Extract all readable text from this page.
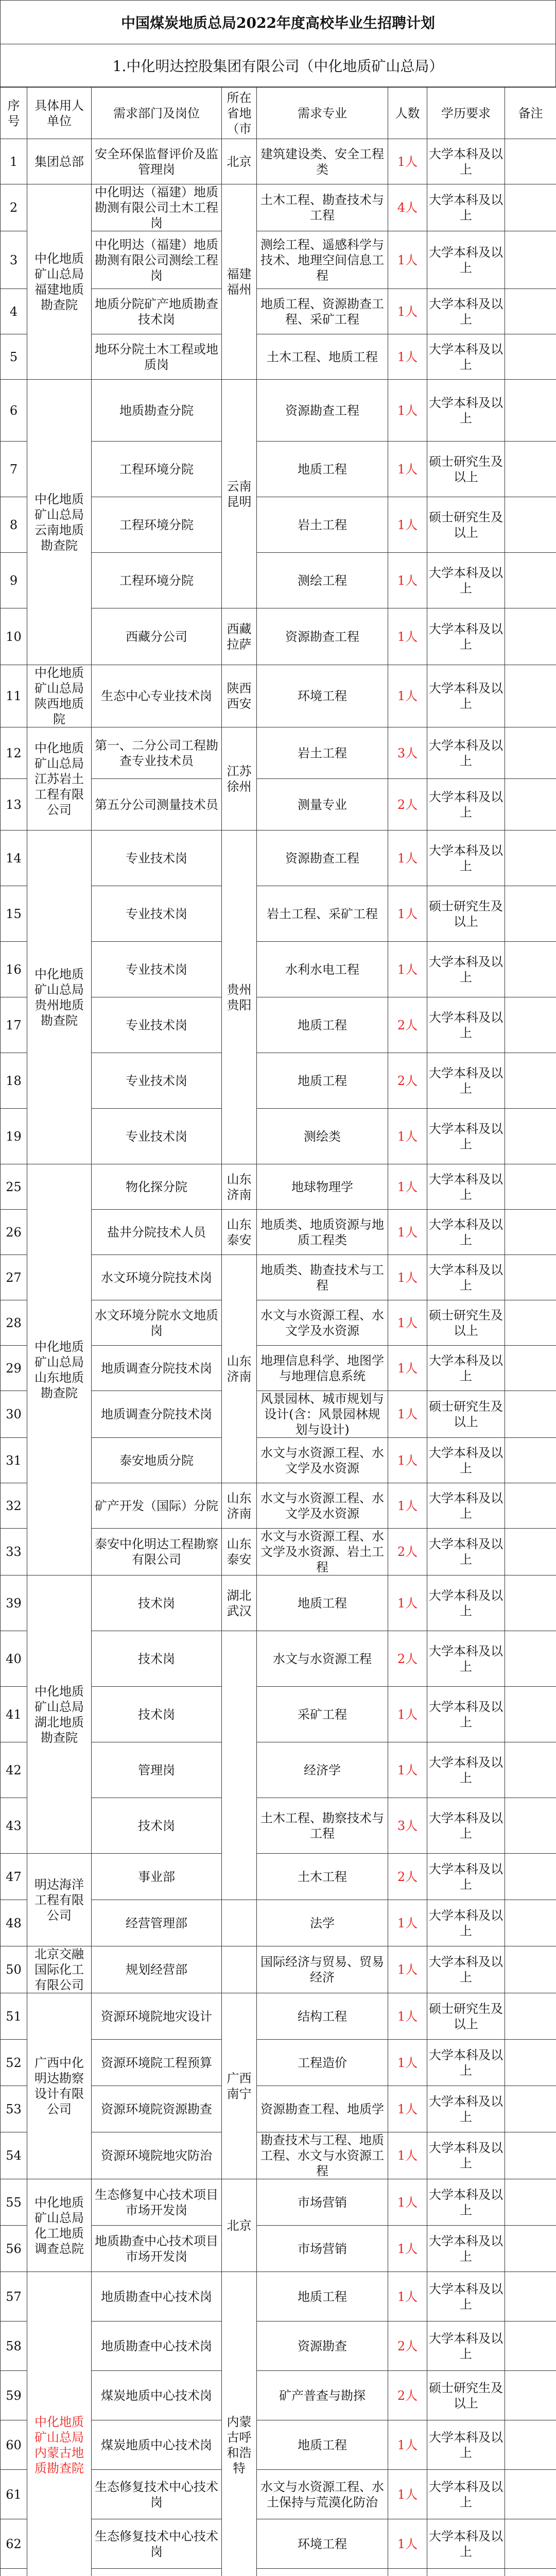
中国煤炭地质总局2022年度高校毕业生招聘计划
1.中化明达控股集团有限公司（中化地质矿山总局）
序号	具体用人单位	需求部门及岗位	所在省地（市	需求专业	人数	学历要求	备注
1	集团总部	安全环保监督评价及监管理岗	北京	建筑建设类、安全工程类	1人	大学本科及以上	
2	中化地质矿山总局福建地质勘查院	中化明达（福建）地质勘测有限公司土木工程岗	福建福州	土木工程、勘查技术与工程	4人	大学本科及以上	
3		中化明达（福建）地质勘测有限公司测绘工程岗		测绘工程、遥感科学与技术、地理空间信息工程	1人	大学本科及以上	
4		地质分院矿产地质勘查技术岗		地质工程、资源勘查工程、采矿工程	1人	大学本科及以上	
5		地环分院土木工程或地质岗		土木工程、地质工程	1人	大学本科及以上	
6	中化地质矿山总局云南地质勘查院	地质勘查分院	云南昆明	资源勘查工程	1人	大学本科及以上	
7		工程环境分院		地质工程	1人	硕士研究生及以上	
8		工程环境分院		岩土工程	1人	硕士研究生及以上	
9		工程环境分院		测绘工程	1人	大学本科及以上	
10		西藏分公司	西藏拉萨	资源勘查工程	1人	大学本科及以上	
11	中化地质矿山总局陕西地质院	生态中心专业技术岗	陕西西安	环境工程	1人	大学本科及以上	
12	中化地质矿山总局江苏岩土工程有限公司	第一、二分公司工程勘查专业技术员	江苏徐州	岩土工程	3人	大学本科及以上	
13		第五分公司测量技术员		测量专业	2人	大学本科及以上	
14	中化地质矿山总局贵州地质勘查院	专业技术岗	贵州贵阳	资源勘查工程	1人	大学本科及以上	
15		专业技术岗		岩土工程、采矿工程	1人	硕士研究生及以上	
16		专业技术岗		水利水电工程	1人	大学本科及以上	
17		专业技术岗		地质工程	2人	大学本科及以上	
18		专业技术岗		地质工程	2人	大学本科及以上	
19		专业技术岗		测绘类	1人	大学本科及以上	
25	中化地质矿山总局山东地质勘查院	物化探分院	山东济南	地球物理学	1人	大学本科及以上	
26		盐井分院技术人员	山东泰安	地质类、地质资源与地质工程类	1人	大学本科及以上	
27		水文环境分院技术岗	山东济南	地质类、勘查技术与工程	1人	大学本科及以上	
28		水文环境分院水文地质岗		水文与水资源工程、水文学及水资源	1人	硕士研究生及以上	
29		地质调查分院技术岗		地理信息科学、地图学与地理信息系统	1人	大学本科及以上	
30		地质调查分院技术岗		风景园林、城市规划与设计(含：风景园林规划与设计)	1人	硕士研究生及以上	
31		泰安地质分院		水文与水资源工程、水文学及水资源	1人	大学本科及以上	
32		矿产开发（国际）分院	山东济南	水文与水资源工程、水文学及水资源	1人	大学本科及以上	
33		泰安中化明达工程勘察有限公司	山东泰安	水文与水资源工程、水文学及水资源、岩土工程	2人	大学本科及以上	
39	中化地质矿山总局湖北地质勘查院	技术岗	湖北武汉	地质工程	1人	大学本科及以上	
40		技术岗		水文与水资源工程	2人	大学本科及以上	
41		技术岗		采矿工程	1人	大学本科及以上	
42		管理岗		经济学	1人	大学本科及以上	
43		技术岗		土木工程、勘察技术与工程	3人	大学本科及以上	
47	明达海洋工程有限公司	事业部		土木工程	2人	大学本科及以上	
48		经营管理部		法学	1人	大学本科及以上	
50	北京交融国际化工有限公司	规划经营部		国际经济与贸易、贸易经济	1人	大学本科及以上	
51	广西中化明达勘察设计有限公司	资源环境院地灾设计	广西南宁	结构工程	1人	硕士研究生及以上	
52		资源环境院工程预算		工程造价	1人	大学本科及以上	
53		资源环境院资源勘查		资源勘查工程、地质学	1人	大学本科及以上	
54		资源环境院地灾防治		勘查技术与工程、地质工程、水文与水资源工程	1人	大学本科及以上	
55	中化地质矿山总局化工地质调查总院	生态修复中心技术项目市场开发岗	北京	市场营销	1人	大学本科及以上	
56		地质勘查中心技术项目市场开发岗		市场营销	1人	大学本科及以上	
57	中化地质矿山总局内蒙古地质勘查院	地质勘查中心技术岗	内蒙古呼和浩特	地质工程	1人	大学本科及以上	
58		地质勘查中心技术岗		资源勘查	2人	大学本科及以上	
59		煤炭地质中心技术岗		矿产普查与勘探	2人	硕士研究生及以上	
60		煤炭地质中心技术岗		地质工程	1人	大学本科及以上	
61		生态修复技术中心技术岗		水文与水资源工程、水土保持与荒漠化防治	1人	大学本科及以上	
62		生态修复技术中心技术岗		环境工程	1人	大学本科及以上	
